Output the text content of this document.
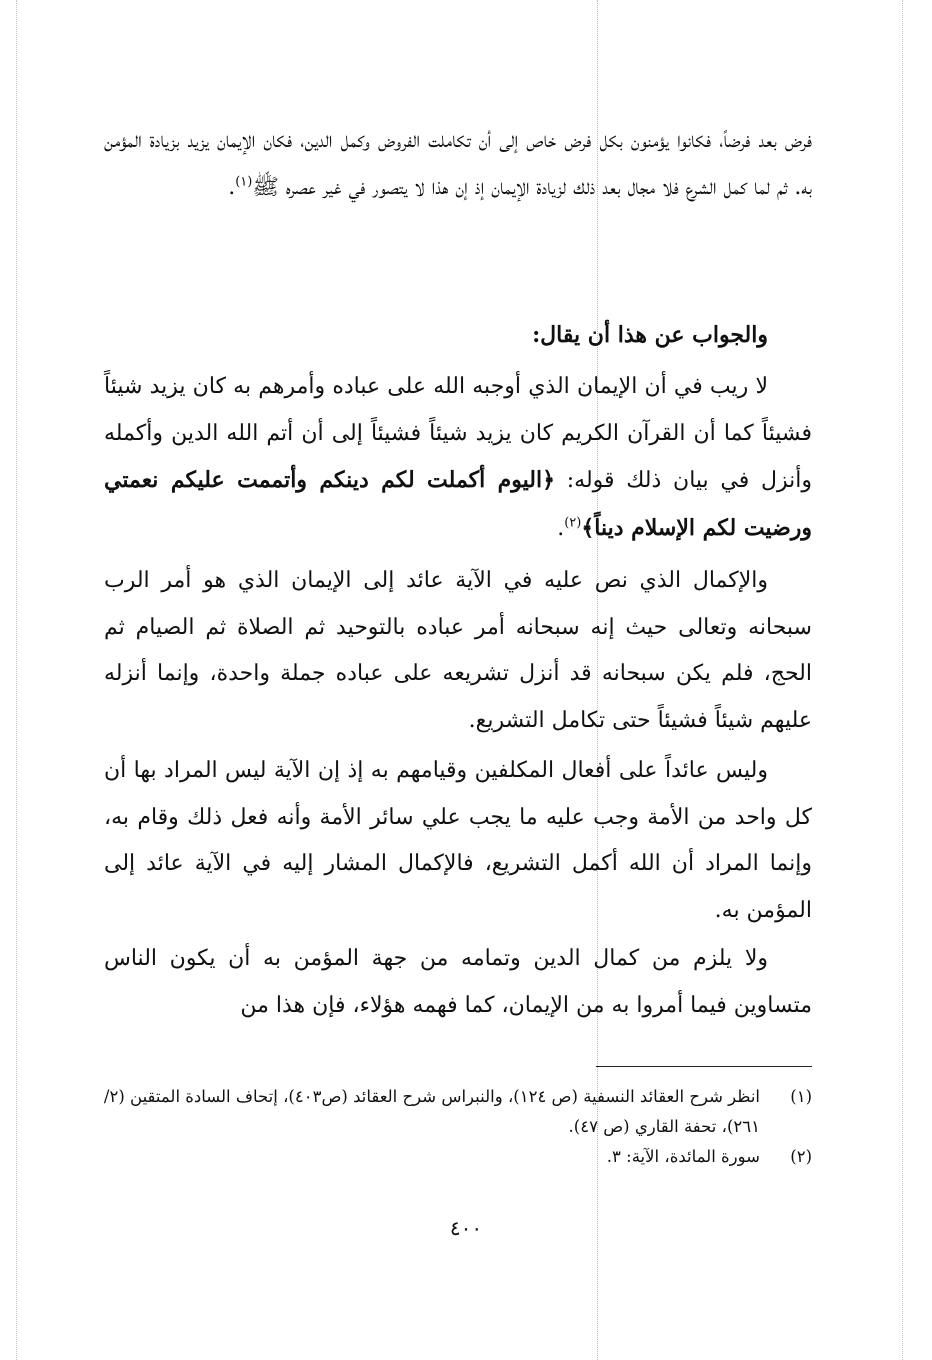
فرض بعد فرضاً، فكانوا يؤمنون بكل فرض خاص إلى أن تكاملت الفروض وكمل الدين، فكان الإيمان يزيد بزيادة المؤمن به. ثم لما كمل الشرع فلا مجال بعد ذلك لزيادة الإيمان إذ إن هذا لا يتصور في غير عصره ﷺ$^{(١)}$.

والجواب عن هذا أن يقال:

لا ريب في أن الإيمان الذي أوجبه الله على عباده وأمرهم به كان يزيد شيئاً فشيئاً كما أن القرآن الكريم كان يزيد شيئاً فشيئاً إلى أن أتم الله الدين وأكمله وأنزل في بيان ذلك قوله: ﴿اليوم أكملت لكم دينكم وأتممت عليكم نعمتي ورضيت لكم الإسلام ديناً﴾$^{(٢)}$.

والإكمال الذي نص عليه في الآية عائد إلى الإيمان الذي هو أمر الرب سبحانه وتعالى حيث إنه سبحانه أمر عباده بالتوحيد ثم الصلاة ثم الصيام ثم الحج، فلم يكن سبحانه قد أنزل تشريعه على عباده جملة واحدة، وإنما أنزله عليهم شيئاً فشيئاً حتى تكامل التشريع.

وليس عائداً على أفعال المكلفين وقيامهم به إذ إن الآية ليس المراد بها أن كل واحد من الأمة وجب عليه ما يجب علي سائر الأمة وأنه فعل ذلك وقام به، وإنما المراد أن الله أكمل التشريع، فالإكمال المشار إليه في الآية عائد إلى المؤمن به.

ولا يلزم من كمال الدين وتمامه من جهة المؤمن به أن يكون الناس متساوين فيما أمروا به من الإيمان، كما فهمه هؤلاء، فإن هذا من

(١)
انظر شرح العقائد النسفية (ص ١٢٤)، والنبراس شرح العقائد (ص٤٠٣)، إتحاف السادة المتقين (٢/ ٢٦١)، تحفة القاري (ص ٤٧).

(٢)
سورة المائدة، الآية: ٣.

٤٠٠
